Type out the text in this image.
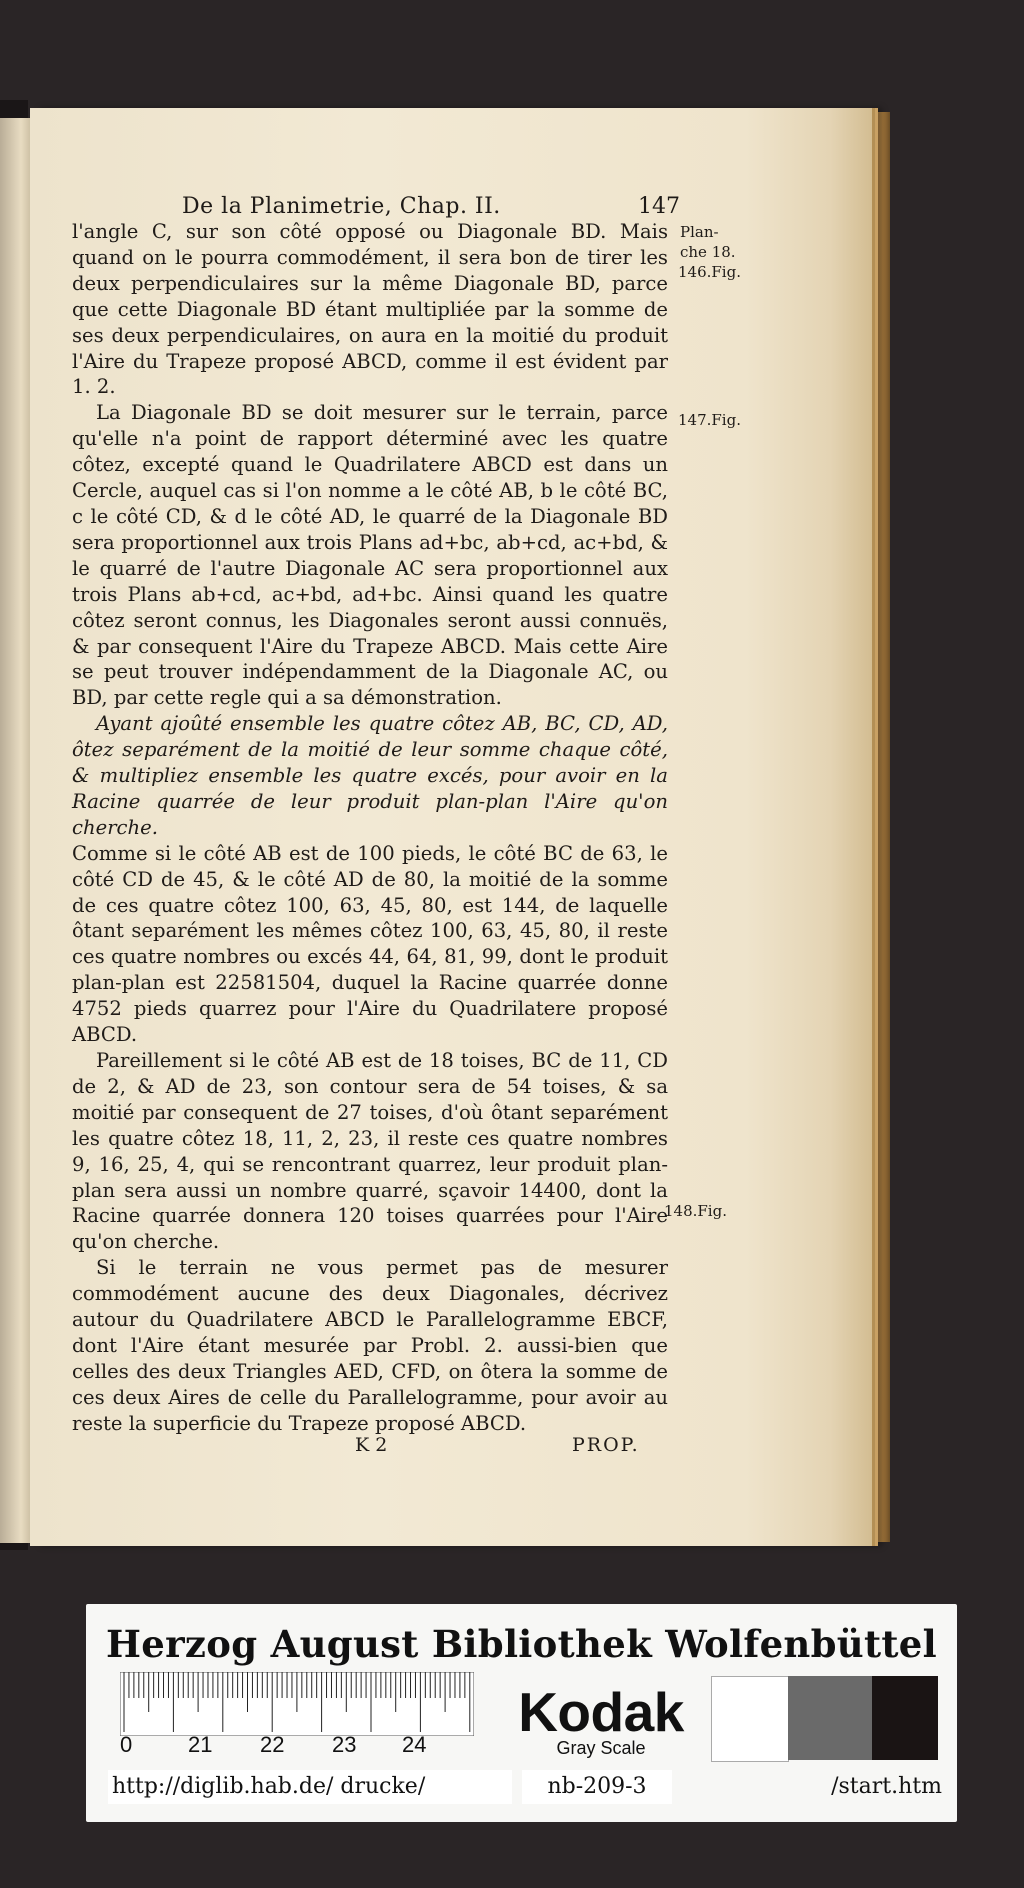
De la Planimetrie, Chap. II.	147

l'angle C, sur son côté opposé ou Diagonale BD. Mais quand on le pourra commodément, il sera bon de tirer les deux perpendiculaires sur la même Diagonale BD, parce que cette Diagonale BD étant multipliée par la somme de ses deux perpendiculaires, on aura en la moitié du produit l'Aire du Trapeze proposé ABCD, comme il est évident par 1. 2.

La Diagonale BD se doit mesurer sur le terrain, parce qu'elle n'a point de rapport déterminé avec les quatre côtez, excepté quand le Quadrilatere ABCD est dans un Cercle, auquel cas si l'on nomme a le côté AB, b le côté BC, c le côté CD, & d le côté AD, le quarré de la Diagonale BD sera proportionnel aux trois Plans ad+bc, ab+cd, ac+bd, & le quarré de l'autre Diagonale AC sera proportionnel aux trois Plans ab+cd, ac+bd, ad+bc. Ainsi quand les quatre côtez seront connus, les Diagonales seront aussi connuës, & par consequent l'Aire du Trapeze ABCD. Mais cette Aire se peut trouver indépendamment de la Diagonale AC, ou BD, par cette regle qui a sa démonstration.

Ayant ajoûté ensemble les quatre côtez AB, BC, CD, AD, ôtez separément de la moitié de leur somme chaque côté, & multipliez ensemble les quatre excés, pour avoir en la Racine quarrée de leur produit plan-plan l'Aire qu'on cherche.

Comme si le côté AB est de 100 pieds, le côté BC de 63, le côté CD de 45, & le côté AD de 80, la moitié de la somme de ces quatre côtez 100, 63, 45, 80, est 144, de laquelle ôtant separément les mêmes côtez 100, 63, 45, 80, il reste ces quatre nombres ou excés 44, 64, 81, 99, dont le produit plan-plan est 22581504, duquel la Racine quarrée donne 4752 pieds quarrez pour l'Aire du Quadrilatere proposé ABCD.

Pareillement si le côté AB est de 18 toises, BC de 11, CD de 2, & AD de 23, son contour sera de 54 toises, & sa moitié par consequent de 27 toises, d'où ôtant separément les quatre côtez 18, 11, 2, 23, il reste ces quatre nombres 9, 16, 25, 4, qui se rencontrant quarrez, leur produit plan-plan sera aussi un nombre quarré, sçavoir 14400, dont la Racine quarrée donnera 120 toises quarrées pour l'Aire qu'on cherche.

Si le terrain ne vous permet pas de mesurer commodément aucune des deux Diagonales, décrivez autour du Quadrilatere ABCD le Parallelogramme EBCF, dont l'Aire étant mesurée par Probl. 2. aussi-bien que celles des deux Triangles AED, CFD, on ôtera la somme de ces deux Aires de celle du Parallelogramme, pour avoir au reste la superficie du Trapeze proposé ABCD.

Plan-
che 18.
146.Fig.
147.Fig.
148.Fig.
K 2	PROP.
Herzog August Bibliothek Wolfenbüttel
0	21 22 23 24
Kodak
Gray Scale
http://diglib.hab.de/ drucke/	nb-209-3	/start.htm
